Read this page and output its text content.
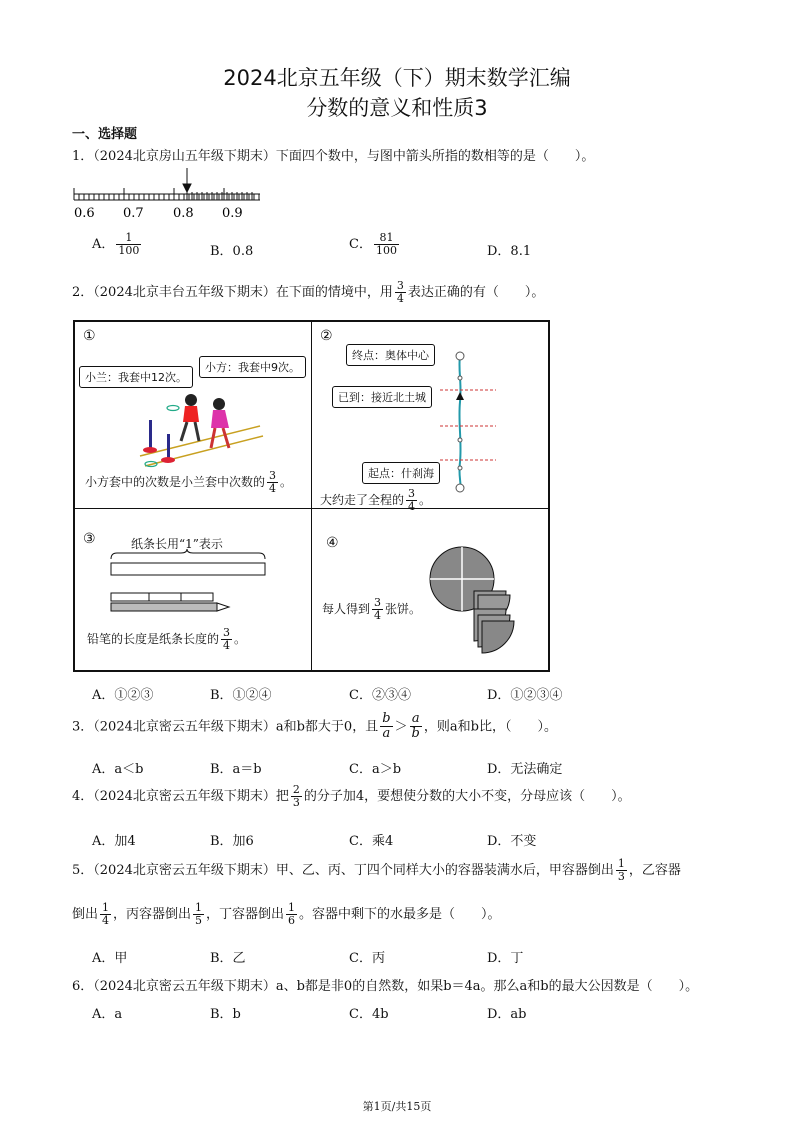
2024北京五年级（下）期末数学汇编
分数的意义和性质3
一、选择题
1．（2024北京房山五年级下期末）下面四个数中，与图中箭头所指的数相等的是（　　）。
0.6 0.7 0.8 0.9
A． $\frac{1}{100}$	B．0.8	C． $\frac{81}{100}$	D．8.1
2．（2024北京丰台五年级下期末）在下面的情境中，用 $\frac{3}{4}$ 表达正确的有（　　）。
①
小兰：我套中12次。
小方：我套中9次。
小方套中的次数是小兰套中次数的 $\frac{3}{4}$ 。
②
终点：奥体中心
已到：接近北土城
起点：什刹海
大约走了全程的 $\frac{3}{4}$ 。
③	纸条长用“1”表示
铅笔的长度是纸条长度的 $\frac{3}{4}$ 。
④
每人得到 $\frac{3}{4}$ 张饼。
A．①②③	B．①②④	C．②③④	D．①②③④
3．（2024北京密云五年级下期末）a和b都大于0，且 $\frac{b}{a} > \frac{a}{b}$ ，则a和b比，（　　）。
A．a＜b	B．a＝b	C．a＞b	D．无法确定
4．（2024北京密云五年级下期末）把 $\frac{2}{3}$ 的分子加4，要想使分数的大小不变，分母应该（　　）。
A．加4	B．加6	C．乘4	D．不变
5．（2024北京密云五年级下期末）甲、乙、丙、丁四个同样大小的容器装满水后，甲容器倒出 $\frac{1}{3}$ ，乙容器
倒出 $\frac{1}{4}$ ，丙容器倒出 $\frac{1}{5}$ ，丁容器倒出 $\frac{1}{6}$ 。容器中剩下的水最多是（　　）。
A．甲	B．乙	C．丙	D．丁
6．（2024北京密云五年级下期末）a、b都是非0的自然数，如果b＝4a。那么a和b的最大公因数是（　　）。
A．a	B．b	C．4b	D．ab
第1页/共15页
